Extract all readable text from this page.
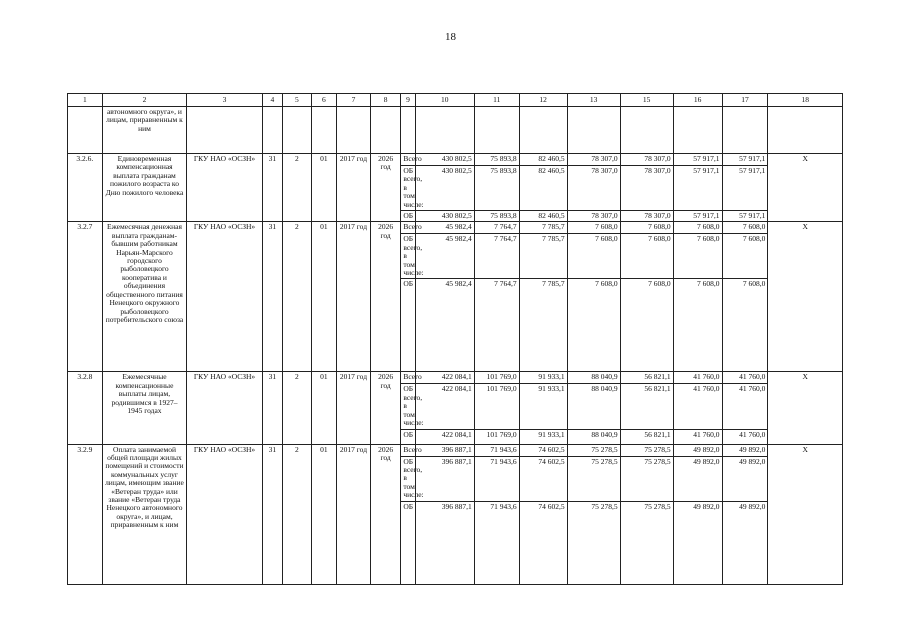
18
1	2	3	4	5	6	7	8	9	10	11	12	13	15	16	17	18
	автономного округа», и лицам, приравненным к ним															
3.2.6.	Единовременная компенсационная выплата гражданам пожилого возраста ко Дню пожилого человека	ГКУ НАО «ОСЗН»	31	2	01	2017 год	2026 год	Всего	430 802,5	75 893,8	82 460,5	78 307,0	78 307,0	57 917,1	57 917,1	Х
								ОБ всего, в том числе:	430 802,5	75 893,8	82 460,5	78 307,0	78 307,0	57 917,1	57 917,1	
								ОБ	430 802,5	75 893,8	82 460,5	78 307,0	78 307,0	57 917,1	57 917,1	
3.2.7	Ежемесячная денежная выплата гражданам-бывшим работникам Нарьян-Марского городского рыболовецкого кооператива и объединения общественного питания Ненецкого окружного рыболовецкого потребительского союза	ГКУ НАО «ОСЗН»	31	2	01	2017 год	2026 год	Всего	45 982,4	7 764,7	7 785,7	7 608,0	7 608,0	7 608,0	7 608,0	Х
								ОБ всего, в том числе:	45 982,4	7 764,7	7 785,7	7 608,0	7 608,0	7 608,0	7 608,0	
								ОБ	45 982,4	7 764,7	7 785,7	7 608,0	7 608,0	7 608,0	7 608,0	
3.2.8	Ежемесячные компенсационные выплаты лицам, родившимся в 1927–1945 годах	ГКУ НАО «ОСЗН»	31	2	01	2017 год	2026 год	Всего	422 084,1	101 769,0	91 933,1	88 040,9	56 821,1	41 760,0	41 760,0	Х
								ОБ всего, в том числе:	422 084,1	101 769,0	91 933,1	88 040,9	56 821,1	41 760,0	41 760,0	
								ОБ	422 084,1	101 769,0	91 933,1	88 040,9	56 821,1	41 760,0	41 760,0	
3.2.9	Оплата занимаемой общей площади жилых помещений и стоимости коммунальных услуг лицам, имеющим звание «Ветеран труда» или звание «Ветеран труда Ненецкого автономного округа», и лицам, приравненным к ним	ГКУ НАО «ОСЗН»	31	2	01	2017 год	2026 год	Всего	396 887,1	71 943,6	74 602,5	75 278,5	75 278,5	49 892,0	49 892,0	Х
								ОБ всего, в том числе:	396 887,1	71 943,6	74 602,5	75 278,5	75 278,5	49 892,0	49 892,0	
								ОБ	396 887,1	71 943,6	74 602,5	75 278,5	75 278,5	49 892,0	49 892,0	
